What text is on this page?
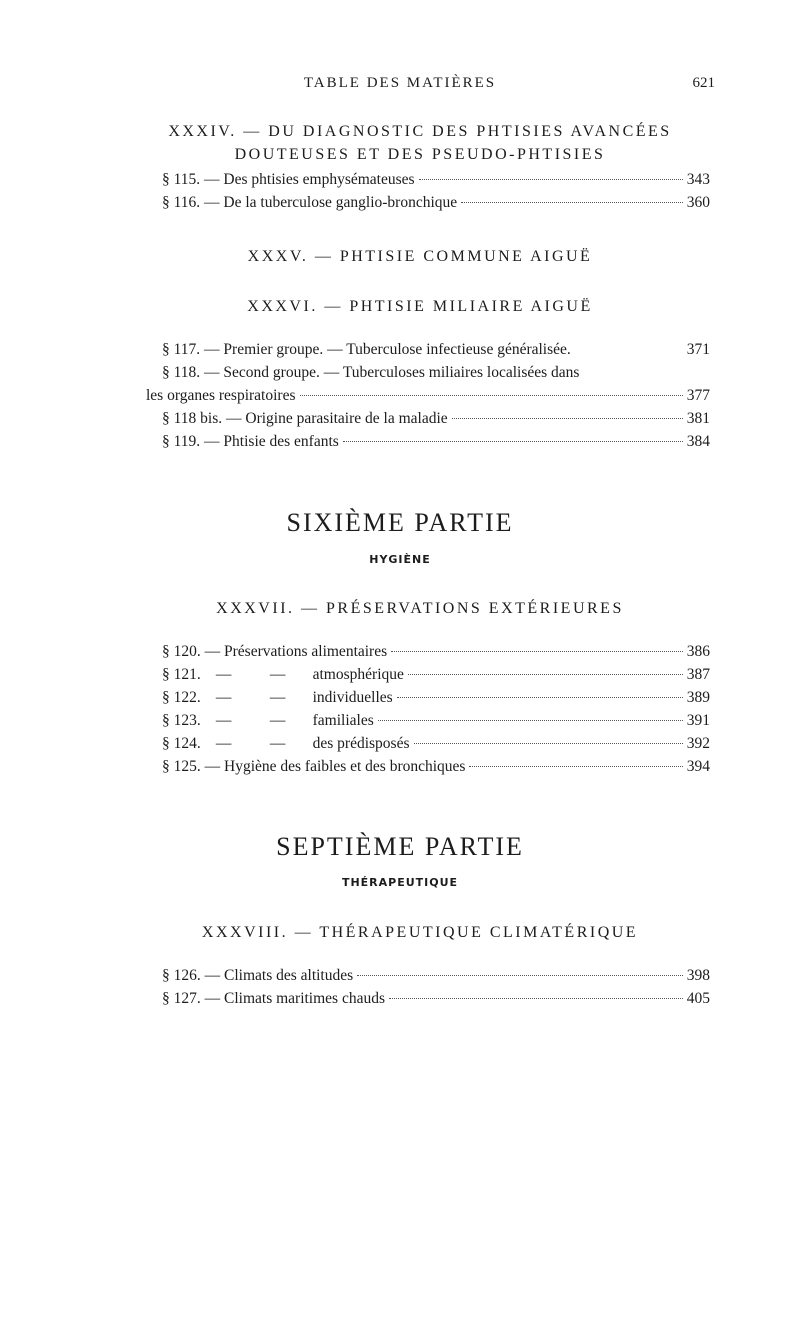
TABLE DES MATIÈRES	621
XXXIV. — DU DIAGNOSTIC DES PHTISIES AVANCÉES
DOUTEUSES ET DES PSEUDO-PHTISIES
§ 115. — Des phtisies emphysémateuses	343
§ 116. — De la tuberculose ganglio-bronchique	360
XXXV. — PHTISIE COMMUNE AIGUË
XXXVI. — PHTISIE MILIAIRE AIGUË
§ 117. — Premier groupe. — Tuberculose infectieuse généralisée.	371
§ 118. — Second groupe. — Tuberculoses miliaires localisées dans
les organes respiratoires	377
§ 118 bis. — Origine parasitaire de la maladie	381
§ 119. — Phtisie des enfants	384
SIXIÈME PARTIE
HYGIÈNE
XXXVII. — PRÉSERVATIONS EXTÉRIEURES
§ 120. — Préservations alimentaires	386
§ 121. — — atmosphérique	387
§ 122. — — individuelles	389
§ 123. — — familiales	391
§ 124. — — des prédisposés	392
§ 125. — Hygiène des faibles et des bronchiques	394
SEPTIÈME PARTIE
THÉRAPEUTIQUE
XXXVIII. — THÉRAPEUTIQUE CLIMATÉRIQUE
§ 126. — Climats des altitudes	398
§ 127. — Climats maritimes chauds	405
